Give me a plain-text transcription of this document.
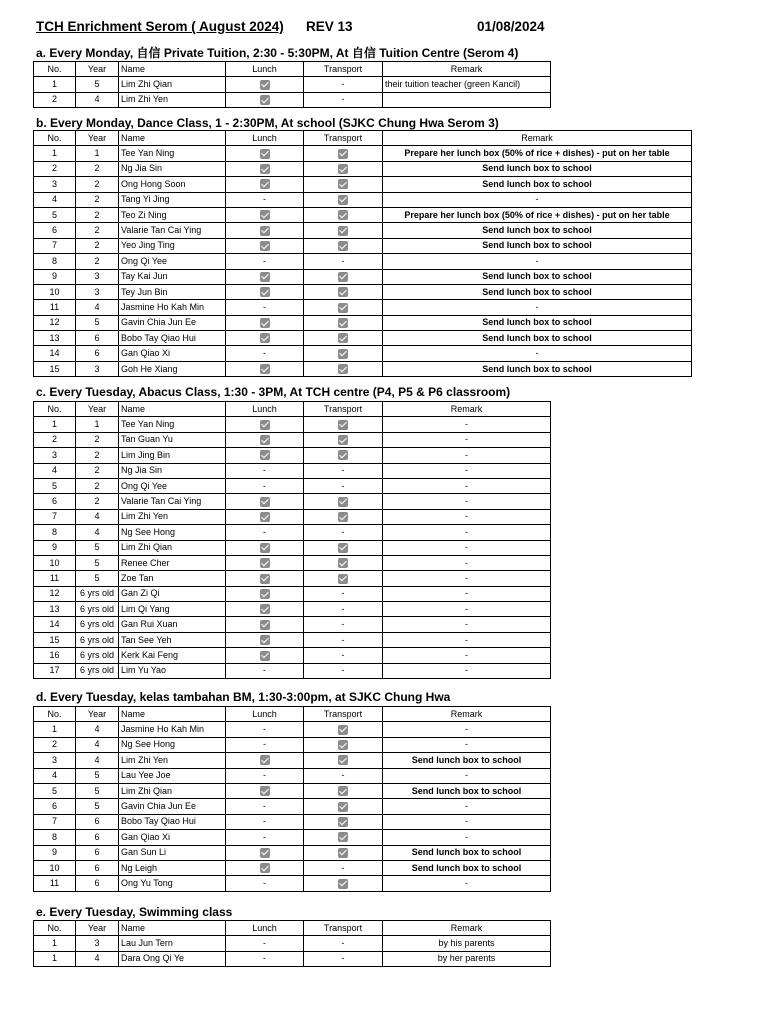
TCH Enrichment Serom ( August 2024) REV 13	01/08/2024
a. Every Monday, 自信 Private Tuition, 2:30 - 5:30PM, At 自信 Tuition Centre (Serom 4)
No.	Year	Name	Lunch	Transport	Remark
1	5	Lim Zhi Qian		-	their tuition teacher (green Kancil)
2	4	Lim Zhi Yen		-	
b. Every Monday, Dance Class, 1 - 2:30PM, At school (SJKC Chung Hwa Serom 3)
No.	Year	Name	Lunch	Transport	Remark
1	1	Tee Yan Ning			Prepare her lunch box (50% of rice + dishes) - put on her table
2	2	Ng Jia Sin			Send lunch box to school
3	2	Ong Hong Soon			Send lunch box to school
4	2	Tang Yi Jing	-		-
5	2	Teo Zi Ning			Prepare her lunch box (50% of rice + dishes) - put on her table
6	2	Valarie Tan Cai Ying			Send lunch box to school
7	2	Yeo Jing Ting			Send lunch box to school
8	2	Ong Qi Yee	-	-	-
9	3	Tay Kai Jun			Send lunch box to school
10	3	Tey Jun Bin			Send lunch box to school
11	4	Jasmine Ho Kah Min	-		-
12	5	Gavin Chia Jun Ee			Send lunch box to school
13	6	Bobo Tay Qiao Hui			Send lunch box to school
14	6	Gan Qiao Xi	-		-
15	3	Goh He Xiang			Send lunch box to school
c. Every Tuesday, Abacus Class, 1:30 - 3PM, At TCH centre (P4, P5 & P6 classroom)
No.	Year	Name	Lunch	Transport	Remark
1	1	Tee Yan Ning			-
2	2	Tan Guan Yu			-
3	2	Lim Jing Bin			-
4	2	Ng Jia Sin	-	-	-
5	2	Ong Qi Yee	-	-	-
6	2	Valarie Tan Cai Ying			-
7	4	Lim Zhi Yen			-
8	4	Ng See Hong	-	-	-
9	5	Lim Zhi Qian			-
10	5	Renee Cher			-
11	5	Zoe Tan			-
12	6 yrs old	Gan Zi Qi		-	-
13	6 yrs old	Lim Qi Yang		-	-
14	6 yrs old	Gan Rui Xuan		-	-
15	6 yrs old	Tan See Yeh		-	-
16	6 yrs old	Kerk Kai Feng		-	-
17	6 yrs old	Lim Yu Yao	-	-	-
d. Every Tuesday, kelas tambahan BM, 1:30-3:00pm, at SJKC Chung Hwa
No.	Year	Name	Lunch	Transport	Remark
1	4	Jasmine Ho Kah Min	-		-
2	4	Ng See Hong	-		-
3	4	Lim Zhi Yen			Send lunch box to school
4	5	Lau Yee Joe	-	-	-
5	5	Lim Zhi Qian			Send lunch box to school
6	5	Gavin Chia Jun Ee	-		-
7	6	Bobo Tay Qiao Hui	-		-
8	6	Gan Qiao Xi	-		-
9	6	Gan Sun Li			Send lunch box to school
10	6	Ng Leigh		-	Send lunch box to school
11	6	Ong Yu Tong	-		-
e. Every Tuesday, Swimming class
No.	Year	Name	Lunch	Transport	Remark
1	3	Lau Jun Tern	-	-	by his parents
1	4	Dara Ong Qi Ye	-	-	by her parents
